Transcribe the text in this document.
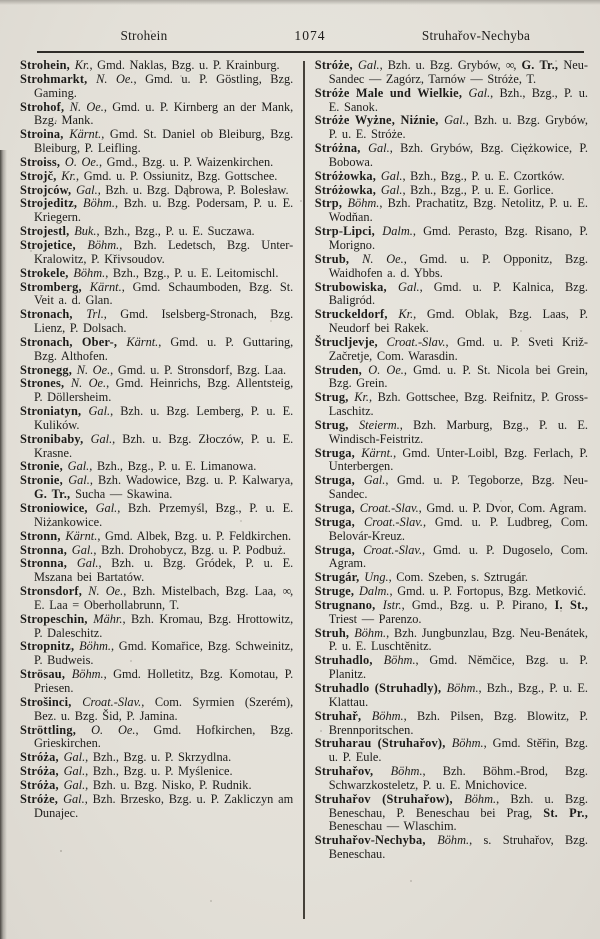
Strohein	1074	Struhařov-Nechyba

Strohein, Kr., Gmd. Naklas, Bzg. u. P. Krainburg.

Strohmarkt, N. Oe., Gmd. u. P. Göstling, Bzg. Gaming.

Strohof, N. Oe., Gmd. u. P. Kirnberg an der Mank, Bzg. Mank.

Stroina, Kärnt., Gmd. St. Daniel ob Bleiburg, Bzg. Bleiburg, P. Leifling.

Stroiss, O. Oe., Gmd., Bzg. u. P. Waizenkirchen.

Strojč, Kr., Gmd. u. P. Ossiunitz, Bzg. Gottschee.

Strojców, Gal., Bzh. u. Bzg. Dąbrowa, P. Bolesław.

Strojeditz, Böhm., Bzh. u. Bzg. Podersam, P. u. E. Kriegern.

Strojestl, Buk., Bzh., Bzg., P. u. E. Suczawa.

Strojetice, Böhm., Bzh. Ledetsch, Bzg. Unter-Kralowitz, P. Křivsoudov.

Strokele, Böhm., Bzh., Bzg., P. u. E. Leitomischl.

Stromberg, Kärnt., Gmd. Schaumboden, Bzg. St. Veit a. d. Glan.

Stronach, Trl., Gmd. Iselsberg-Stronach, Bzg. Lienz, P. Dolsach.

Stronach, Ober-, Kärnt., Gmd. u. P. Guttaring, Bzg. Althofen.

Stronegg, N. Oe., Gmd. u. P. Stronsdorf, Bzg. Laa.

Strones, N. Oe., Gmd. Heinrichs, Bzg. Allentsteig, P. Döllersheim.

Stroniatyn, Gal., Bzh. u. Bzg. Lemberg, P. u. E. Kulików.

Stronibaby, Gal., Bzh. u. Bzg. Złoczów, P. u. E. Krasne.

Stronie, Gal., Bzh., Bzg., P. u. E. Limanowa.

Stronie, Gal., Bzh. Wadowice, Bzg. u. P. Kalwarya, G. Tr., Sucha — Skawina.

Stroniowice, Gal., Bzh. Przemyśl, Bzg., P. u. E. Niżankowice.

Stronn, Kärnt., Gmd. Albek, Bzg. u. P. Feldkirchen.

Stronna, Gal., Bzh. Drohobycz, Bzg. u. P. Podbuż.

Stronna, Gal., Bzh. u. Bzg. Gródek, P. u. E. Mszana bei Bartatów.

Stronsdorf, N. Oe., Bzh. Mistelbach, Bzg. Laa, ∞, E. Laa = Oberhollabrunn, T.

Stropeschin, Mähr., Bzh. Kromau, Bzg. Hrottowitz, P. Daleschitz.

Stropnitz, Böhm., Gmd. Komařice, Bzg. Schweinitz, P. Budweis.

Strösau, Böhm., Gmd. Holletitz, Bzg. Komotau, P. Priesen.

Strošinci, Croat.-Slav., Com. Syrmien (Szerém), Bez. u. Bzg. Šid, P. Jamina.

Ströttling, O. Oe., Gmd. Hofkirchen, Bzg. Grieskirchen.

Stróża, Gal., Bzh., Bzg. u. P. Skrzydlna.

Stróża, Gal., Bzh., Bzg. u. P. Myślenice.

Stróża, Gal., Bzh. u. Bzg. Nisko, P. Rudnik.

Stróże, Gal., Bzh. Brzesko, Bzg. u. P. Zakliczyn am Dunajec.

Stróże, Gal., Bzh. u. Bzg. Grybów, ∞, G. Tr., Neu-Sandec — Zagórz, Tarnów — Stróże, T.

Stróże Male und Wielkie, Gal., Bzh., Bzg., P. u. E. Sanok.

Stróże Wyżne, Niźnie, Gal., Bzh. u. Bzg. Grybów, P. u. E. Stróże.

Stróżna, Gal., Bzh. Grybów, Bzg. Ciężkowice, P. Bobowa.

Stróżowka, Gal., Bzh., Bzg., P. u. E. Czortków.

Stróżowka, Gal., Bzh., Bzg., P. u. E. Gorlice.

Strp, Böhm., Bzh. Prachatitz, Bzg. Netolitz, P. u. E. Wodňan.

Strp-Lipci, Dalm., Gmd. Perasto, Bzg. Risano, P. Morigno.

Strub, N. Oe., Gmd. u. P. Opponitz, Bzg. Waidhofen a. d. Ybbs.

Strubowiska, Gal., Gmd. u. P. Kalnica, Bzg. Baligród.

Struckeldorf, Kr., Gmd. Oblak, Bzg. Laas, P. Neudorf bei Rakek.

Štrucljevje, Croat.-Slav., Gmd. u. P. Sveti Križ-Začretje, Com. Warasdin.

Struden, O. Oe., Gmd. u. P. St. Nicola bei Grein, Bzg. Grein.

Strug, Kr., Bzh. Gottschee, Bzg. Reifnitz, P. Gross-Laschitz.

Strug, Steierm., Bzh. Marburg, Bzg., P. u. E. Windisch-Feistritz.

Struga, Kärnt., Gmd. Unter-Loibl, Bzg. Ferlach, P. Unterbergen.

Struga, Gal., Gmd. u. P. Tegoborze, Bzg. Neu-Sandec.

Struga, Croat.-Slav., Gmd. u. P. Dvor, Com. Agram.

Struga, Croat.-Slav., Gmd. u. P. Ludbreg, Com. Belovár-Kreuz.

Struga, Croat.-Slav., Gmd. u. P. Dugoselo, Com. Agram.

Strugár, Ung., Com. Szeben, s. Sztrugár.

Struge, Dalm., Gmd. u. P. Fortopus, Bzg. Metković.

Strugnano, Istr., Gmd., Bzg. u. P. Pirano, I. St., Triest — Parenzo.

Struh, Böhm., Bzh. Jungbunzlau, Bzg. Neu-Benátek, P. u. E. Luschtěnitz.

Struhadlo, Böhm., Gmd. Němčice, Bzg. u. P. Planitz.

Struhadlo (Struhadly), Böhm., Bzh., Bzg., P. u. E. Klattau.

Struhař, Böhm., Bzh. Pilsen, Bzg. Blowitz, P. Brennporitschen.

Struharau (Struhařov), Böhm., Gmd. Stěřin, Bzg. u. P. Eule.

Struhařov, Böhm., Bzh. Böhm.-Brod, Bzg. Schwarzkosteletz, P. u. E. Mnichovice.

Struhařov (Struhařow), Böhm., Bzh. u. Bzg. Beneschau, P. Beneschau bei Prag, St. Pr., Beneschau — Wlaschim.

Struhařov-Nechyba, Böhm., s. Struhařov, Bzg. Beneschau.
